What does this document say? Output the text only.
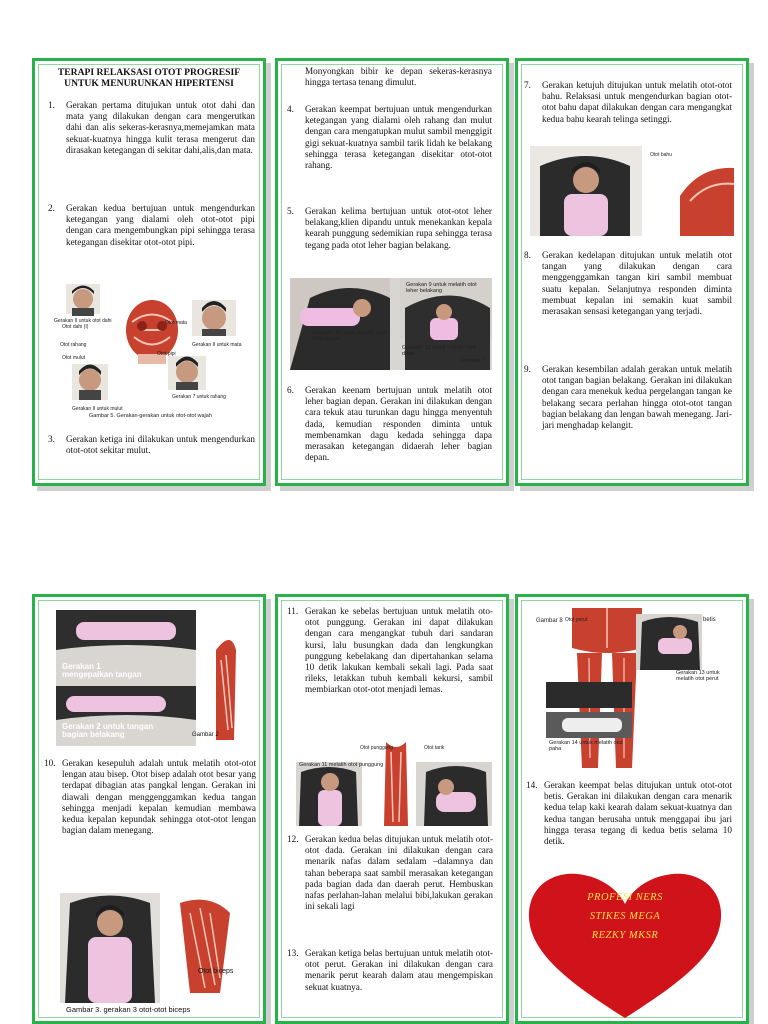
TERAPI RELAKSASI OTOT PROGRESIF
UNTUK MENURUNKAN HIPERTENSI
1. Gerakan pertama ditujukan untuk otot dahi dan mata yang dilakukan dengan cara mengerutkan dahi dan alis sekeras-kerasnya,memejamkan mata sekuat-kuatnya hingga kulit terasa mengerut dan dirasakan ketegangan di sekitar dahi,alis,dan mata.
2. Gerakan kedua bertujuan untuk mengendurkan ketegangan yang dialami oleh otot-otot pipi dengan cara mengembungkan pipi sehingga terasa ketegangan disekitar otot-otot pipi.
Gerakan II untuk otot dahi
Otot dahi (I)
Otot mata
Otot rahang
Otot mulut
Gerakan II untuk mata
Otot pipi
Gerakan 7 untuk rahang
Gerakan II untuk mulut
Gambar 5. Gerakan-gerakan untuk otot-otot wajah
3. Gerakan ketiga ini dilakukan untuk mengendurkan otot-otot sekitar mulut.
Monyongkan bibir ke depan sekeras-kerasnya hingga tertasa tenang dimulut.
4. Gerakan keempat bertujuan untuk mengendurkan ketegangan yang dialami oleh rahang dan mulut dengan cara mengatupkan mulut sambil menggigit gigi sekuat-kuatnya sambil tarik lidah ke belakang sehingga terasa ketegangan disekitar otot-otot rahang.
5. Gerakan kelima bertujuan untuk otot-otot leher belakang,klien dipandu untuk menekankan kepala kearah punggung sedemikian rupa sehingga terasa tegang pada otot leher bagian belakang.
Gerakan 9 untuk melatih otot leher belakang
Gerakan 10 untuk melatih otot leher depan
Gerakan 12 untuk melatih otot dada
Gambar 7
6. Gerakan keenam bertujuan untuk melatih otot leher bagian depan. Gerakan ini dilakukan dengan cara tekuk atau turunkan dagu hingga menyentuh dada, kemudian responden diminta untuk membenamkan dagu kedada sehingga dapa merasakan ketegangan didaerah leher bagian depan.
7. Gerakan ketujuh ditujukan untuk melatih otot-otot bahu. Relaksasi untuk mengendurkan bagian otot-otot bahu dapat dilakukan dengan cara mengangkat kedua bahu kearah telinga setinggi.
Otot bahu
8. Gerakan kedelapan ditujukan untuk melatih otot tangan yang dilakukan dengan cara menggenggamkan tangan kiri sambil membuat suatu kepalan. Selanjutnya responden diminta membuat kepalan ini semakin kuat sambil merasakan sensasi ketegangan yang terjadi.
9. Gerakan kesembilan adalah gerakan untuk melatih otot tangan bagian belakang. Gerakan ini dilakukan dengan cara menekuk kedua pergelangan tangan ke belakang secara perlahan hingga otot-otot tangan bagian belakang dan lengan bawah menegang. Jari-jari menghadap kelangit.
Gerakan 1
mengepalkan tangan
Gerakan 2 untuk tangan
bagian belakang	Gambar 2
10. Gerakan kesepuluh adalah untuk melatih otot-otot lengan atau bisep. Otot bisep adalah otot besar yang terdapat dibagian atas pangkal lengan. Gerakan ini diawali dengan menggenggamkan kedua tangan sehingga menjadi kepalan kemudian membawa kedua kepalan kepundak sehingga otot-otot lengan bagian dalam menegang.
Otot biceps
Gambar 3. gerakan 3 otot-otot biceps
11. Gerakan ke sebelas bertujuan untuk melatih oto-otot punggung. Gerakan ini dapat dilakukan dengan cara mengangkat tubuh dari sandaran kursi, lalu busungkan dada dan lengkungkan punggung kebelakang dan dipertahankan selama 10 detik lakukan kembali sekali lagi. Pada saat rileks, letakkan tubuh kembali kekursi, sambil membiarkan otot-otot menjadi lemas.
Gerakan 11 melatih otot punggung
Otot punggung	Otot tarik
12. Gerakan kedua belas ditujukan untuk melatih otot-otot dada. Gerakan ini dilakukan dengan cara menarik nafas dalam sedalam –dalamnya dan tahan beberapa saat sambil merasakan ketegangan pada bagian dada dan daerah perut. Hembuskan nafas perlahan-lahan melalui bibi,lakukan gerakan ini sekali lagi
13. Gerakan ketiga belas bertujuan untuk melatih otot-otot perut. Gerakan ini dilakukan dengan cara menarik perut kearah dalam atau mengempiskan sekuat kuatnya.
Gambar 8 Otot perut	betis
Gerakan 13 untuk melatih otot perut
Gerakan 14 untuk melatih otot paha
14. Gerakan keempat belas ditujukan untuk otot-otot betis. Gerakan ini dilakukan dengan cara menarik kedua telap kaki kearah dalam sekuat-kuatnya dan kedua tangan berusaha untuk menggapai ibu jari hingga terasa tegang di kedua betis selama 10 detik.
PROFESI NERS
STIKES MEGA
REZKY MKSR
